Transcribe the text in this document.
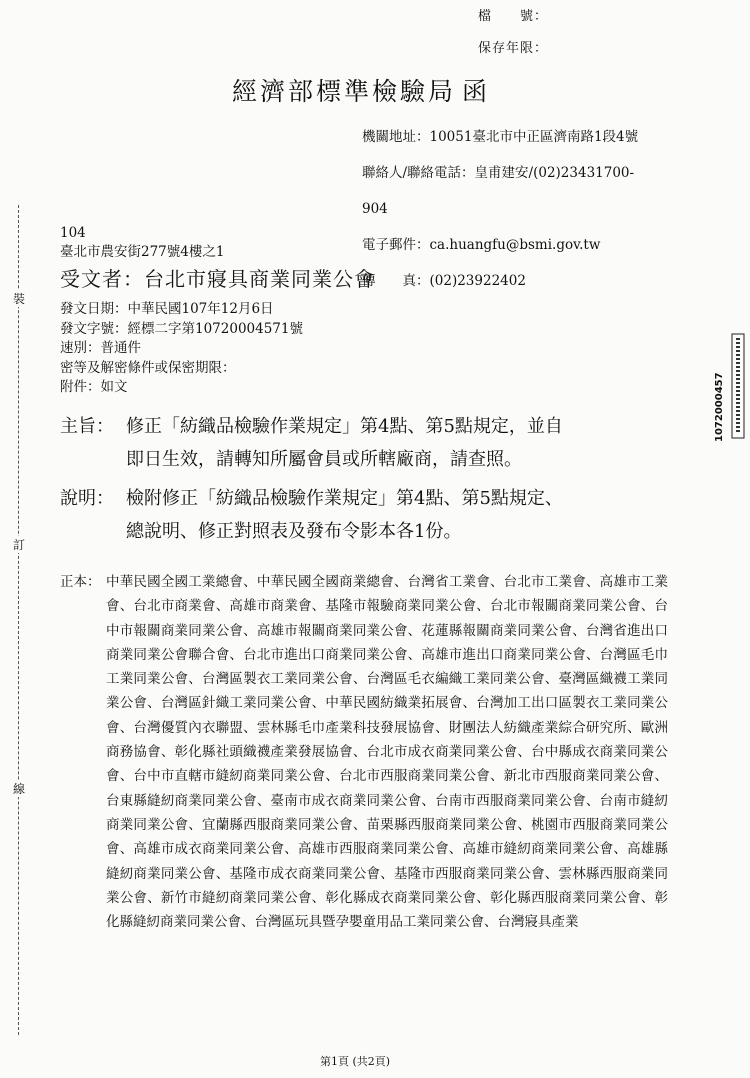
檔　　號：
保存年限：
經濟部標準檢驗局 函

機關地址：10051臺北市中正區濟南路1段4號

聯絡人/聯絡電話：皇甫建安/(02)23431700-

904

電子郵件：ca.huangfu@bsmi.gov.tw

傳　　真：(02)23922402

104
臺北市農安街277號4樓之1
受文者：台北市寢具商業同業公會
發文日期：中華民國107年12月6日
發文字號：經標二字第10720004571號
速別：普通件
密等及解密條件或保密期限：
附件：如文
主旨： 修正「紡織品檢驗作業規定」第4點、第5點規定，並自
即日生效，請轉知所屬會員或所轄廠商，請查照。
說明： 檢附修正「紡織品檢驗作業規定」第4點、第5點規定、
總說明、修正對照表及發布令影本各1份。
正本： 中華民國全國工業總會、中華民國全國商業總會、台灣省工業會、台北市工業會、高雄市工業會、台北市商業會、高雄市商業會、基隆市報驗商業同業公會、台北市報關商業同業公會、台中市報關商業同業公會、高雄市報關商業同業公會、花蓮縣報關商業同業公會、台灣省進出口商業同業公會聯合會、台北市進出口商業同業公會、高雄市進出口商業同業公會、台灣區毛巾工業同業公會、台灣區製衣工業同業公會、台灣區毛衣編織工業同業公會、臺灣區織襪工業同業公會、台灣區針織工業同業公會、中華民國紡織業拓展會、台灣加工出口區製衣工業同業公會、台灣優質內衣聯盟、雲林縣毛巾產業科技發展協會、財團法人紡織產業綜合研究所、歐洲商務協會、彰化縣社頭織襪產業發展協會、台北市成衣商業同業公會、台中縣成衣商業同業公會、台中市直轄市縫紉商業同業公會、台北市西服商業同業公會、新北市西服商業同業公會、台東縣縫紉商業同業公會、臺南市成衣商業同業公會、台南市西服商業同業公會、台南市縫紉商業同業公會、宜蘭縣西服商業同業公會、苗栗縣西服商業同業公會、桃園市西服商業同業公會、高雄市成衣商業同業公會、高雄市西服商業同業公會、高雄市縫紉商業同業公會、高雄縣縫紉商業同業公會、基隆市成衣商業同業公會、基隆市西服商業同業公會、雲林縣西服商業同業公會、新竹市縫紉商業同業公會、彰化縣成衣商業同業公會、彰化縣西服商業同業公會、彰化縣縫紉商業同業公會、台灣區玩具暨孕嬰童用品工業同業公會、台灣寢具產業
裝
訂
線
1072000457
第1頁 (共2頁)
